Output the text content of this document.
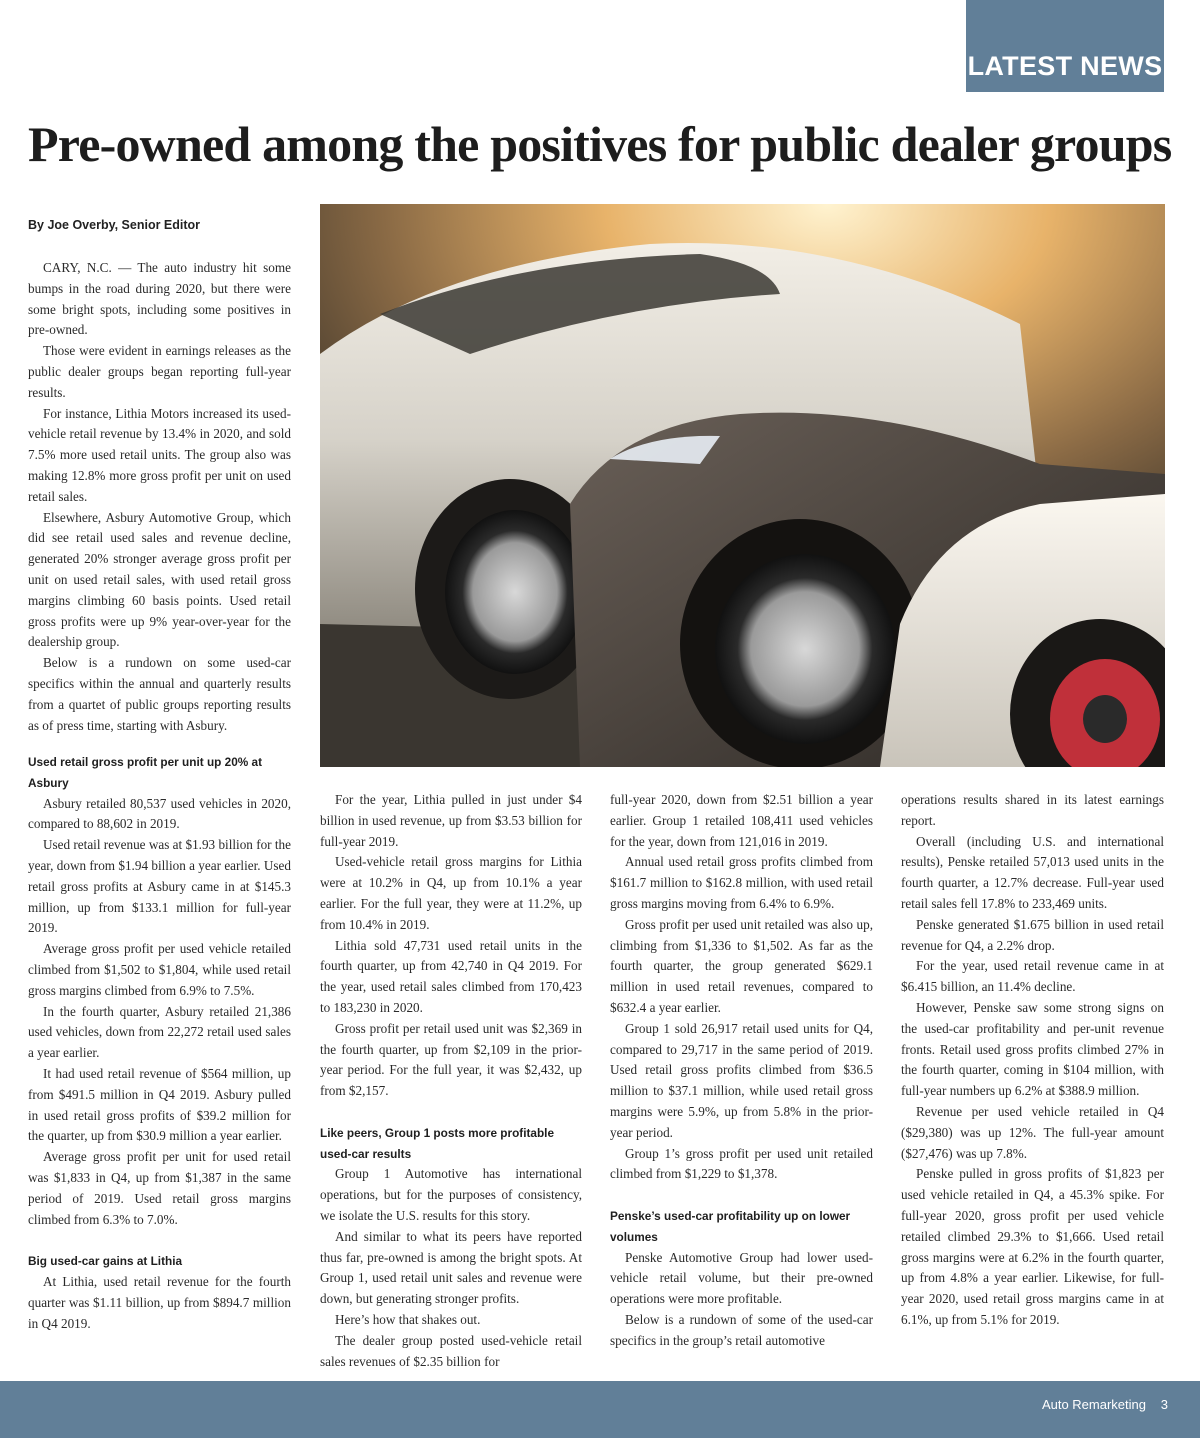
LATEST NEWS
Pre-owned among the positives for public dealer groups
By Joe Overby, Senior Editor

CARY, N.C. — The auto industry hit some bumps in the road during 2020, but there were some bright spots, including some positives in pre-owned.

Those were evident in earnings releases as the public dealer groups began reporting full-year results.

For instance, Lithia Motors increased its used-vehicle retail revenue by 13.4% in 2020, and sold 7.5% more used retail units. The group also was making 12.8% more gross profit per unit on used retail sales.

Elsewhere, Asbury Automotive Group, which did see retail used sales and revenue decline, generated 20% stronger average gross profit per unit on used retail sales, with used retail gross margins climbing 60 basis points. Used retail gross profits were up 9% year-over-year for the dealership group.

Below is a rundown on some used-car specifics within the annual and quarterly results from a quartet of public groups reporting results as of press time, starting with Asbury.

Used retail gross profit per unit up 20% at Asbury

Asbury retailed 80,537 used vehicles in 2020, compared to 88,602 in 2019.

Used retail revenue was at $1.93 billion for the year, down from $1.94 billion a year earlier. Used retail gross profits at Asbury came in at $145.3 million, up from $133.1 million for full-year 2019.

Average gross profit per used vehicle retailed climbed from $1,502 to $1,804, while used retail gross margins climbed from 6.9% to 7.5%.

In the fourth quarter, Asbury retailed 21,386 used vehicles, down from 22,272 retail used sales a year earlier.

It had used retail revenue of $564 million, up from $491.5 million in Q4 2019. Asbury pulled in used retail gross profits of $39.2 million for the quarter, up from $30.9 million a year earlier.

Average gross profit per unit for used retail was $1,833 in Q4, up from $1,387 in the same period of 2019. Used retail gross margins climbed from 6.3% to 7.0%.

Big used-car gains at Lithia

At Lithia, used retail revenue for the fourth quarter was $1.11 billion, up from $894.7 million in Q4 2019.

For the year, Lithia pulled in just under $4 billion in used revenue, up from $3.53 billion for full-year 2019.

Used-vehicle retail gross margins for Lithia were at 10.2% in Q4, up from 10.1% a year earlier. For the full year, they were at 11.2%, up from 10.4% in 2019.

Lithia sold 47,731 used retail units in the fourth quarter, up from 42,740 in Q4 2019. For the year, used retail sales climbed from 170,423 to 183,230 in 2020.

Gross profit per retail used unit was $2,369 in the fourth quarter, up from $2,109 in the prior-year period. For the full year, it was $2,432, up from $2,157.

Like peers, Group 1 posts more profitable used-car results

Group 1 Automotive has international operations, but for the purposes of consistency, we isolate the U.S. results for this story.

And similar to what its peers have reported thus far, pre-owned is among the bright spots. At Group 1, used retail unit sales and revenue were down, but generating stronger profits.

Here’s how that shakes out.

The dealer group posted used-vehicle retail sales revenues of $2.35 billion for

full-year 2020, down from $2.51 billion a year earlier. Group 1 retailed 108,411 used vehicles for the year, down from 121,016 in 2019.

Annual used retail gross profits climbed from $161.7 million to $162.8 million, with used retail gross margins moving from 6.4% to 6.9%.

Gross profit per used unit retailed was also up, climbing from $1,336 to $1,502. As far as the fourth quarter, the group generated $629.1 million in used retail revenues, compared to $632.4 a year earlier.

Group 1 sold 26,917 retail used units for Q4, compared to 29,717 in the same period of 2019. Used retail gross profits climbed from $36.5 million to $37.1 million, while used retail gross margins were 5.9%, up from 5.8% in the prior-year period.

Group 1’s gross profit per used unit retailed climbed from $1,229 to $1,378.

Penske’s used-car profitability up on lower volumes

Penske Automotive Group had lower used-vehicle retail volume, but their pre-owned operations were more profitable.

Below is a rundown of some of the used-car specifics in the group’s retail automotive

operations results shared in its latest earnings report.

Overall (including U.S. and international results), Penske retailed 57,013 used units in the fourth quarter, a 12.7% decrease. Full-year used retail sales fell 17.8% to 233,469 units.

Penske generated $1.675 billion in used retail revenue for Q4, a 2.2% drop.

For the year, used retail revenue came in at $6.415 billion, an 11.4% decline.

However, Penske saw some strong signs on the used-car profitability and per-unit revenue fronts. Retail used gross profits climbed 27% in the fourth quarter, coming in $104 million, with full-year numbers up 6.2% at $388.9 million.

Revenue per used vehicle retailed in Q4 ($29,380) was up 12%. The full-year amount ($27,476) was up 7.8%.

Penske pulled in gross profits of $1,823 per used vehicle retailed in Q4, a 45.3% spike. For full-year 2020, gross profit per used vehicle retailed climbed 29.3% to $1,666. Used retail gross margins were at 6.2% in the fourth quarter, up from 4.8% a year earlier. Likewise, for full-year 2020, used retail gross margins came in at 6.1%, up from 5.1% for 2019.

Auto Remarketing 3
